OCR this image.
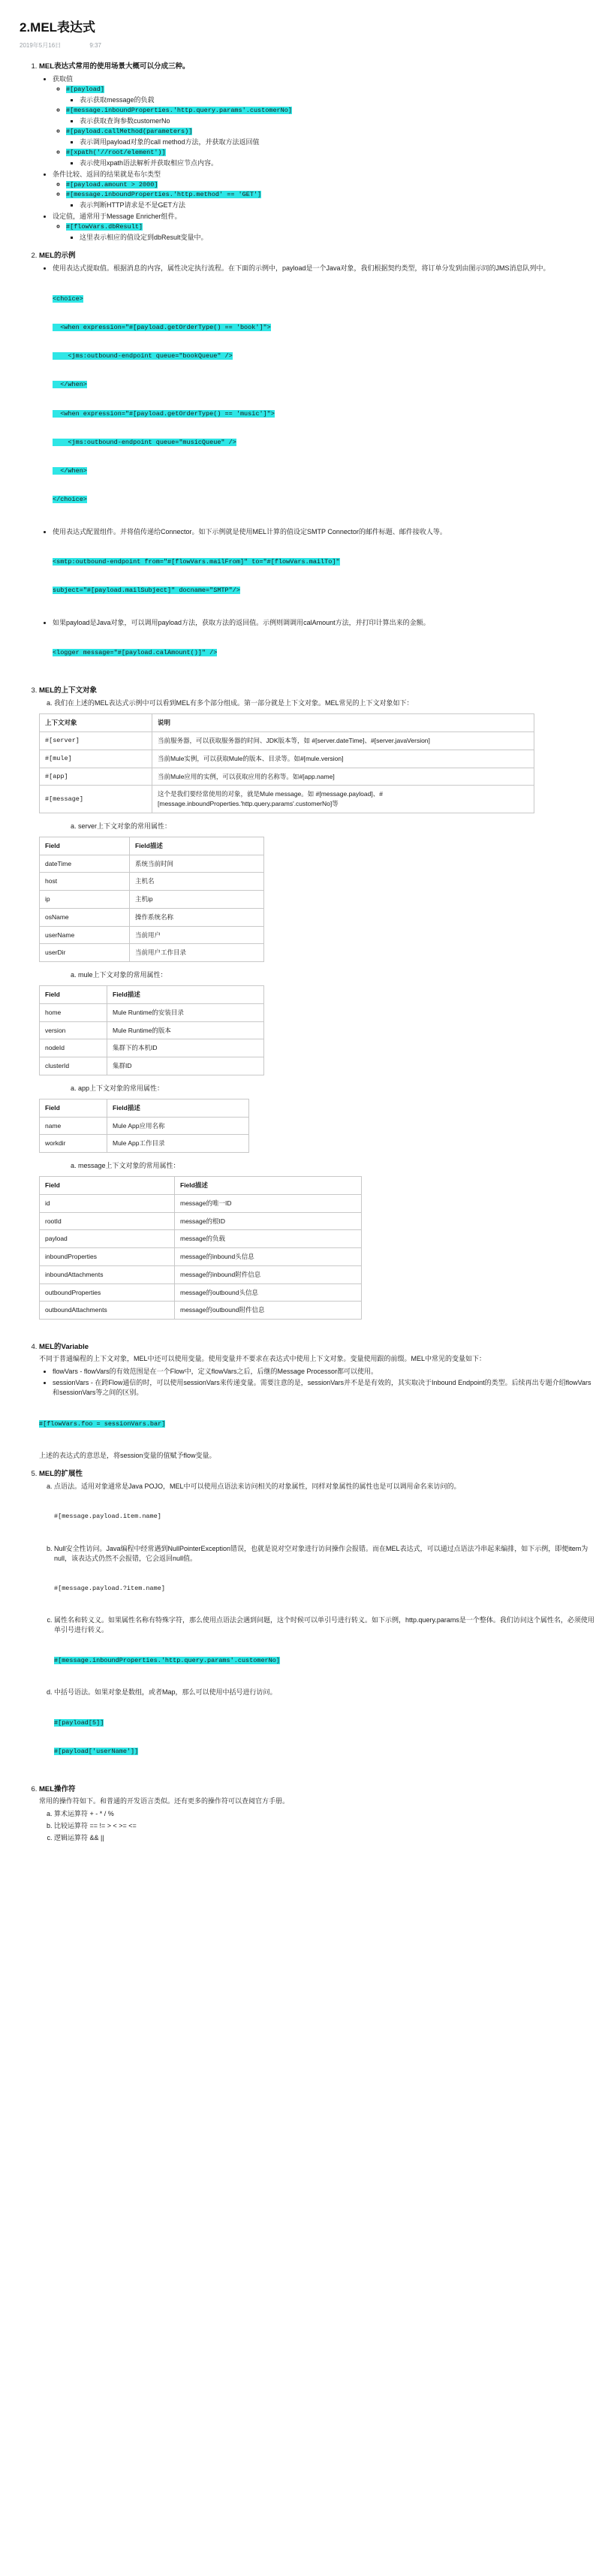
2.MEL表达式
2019年5月16日	9:37
1. MEL表达式常用的使用场景大概可以分成三种。
• 获取值
◦ #[payload]
▪ 表示获取message的负载
◦ #[message.inboundProperties.'http.query.params'.customerNo]
▪ 表示获取查询参数customerNo
◦ #[payload.callMethod(parameters)]
▪ 表示调用payload对象的call method方法，并获取方法返回值
◦ #[xpath('//root/element')]
▪ 表示使用xpath语法解析并获取相应节点内容。
• 条件比较、返回的结果就是布尔类型
◦ #[payload.amount > 2000]
◦ #[message.inboundProperties.'http.method' == 'GET']
▪ 表示判断HTTP请求是不是GET方法
• 设定值，通常用于Message Enricher组件。
◦ #[flowVars.dbResult]
▪ 这里表示相应的值设定到dbResult变量中。
2. MEL的示例
• 使用表达式提取值。根据消息的内容，属性决定执行流程。在下面的示例中，payload是一个Java对象，我们根据契约类型，将订单分发到由图示同的JMS消息队列中。

<choice>

<when expression="#[payload.getOrderType() == 'book']">

<jms:outbound-endpoint queue="bookQueue" />

</when>

<when expression="#[payload.getOrderType() == 'music']">

<jms:outbound-endpoint queue="musicQueue" />

</when>

</choice>

• 使用表达式配置组件。并将值传递给Connector。如下示例就是使用MEL计算的值设定SMTP Connector的邮件标题、邮件接收人等。

<smtp:outbound-endpoint from="#[flowVars.mailFrom]" to="#[flowVars.mailTo]"

subject="#[payload.mailSubject]" docname="SMTP"/>

• 如果payload是Java对象，可以调用payload方法，获取方法的返回值。示例则调调用calAmount方法，并打印计算出来的金额。

<logger message="#[payload.calAmount()]" />

3. MEL的上下文对象
a. 我们在上述的MEL表达式示例中可以看到MEL有多个部分组成。第一部分就是上下文对象。MEL常见的上下文对象如下：
上下文对象	说明
#[server]	当前服务器，可以获取服务器的时间、JDK版本等，如 #[server.dateTime]、#[server.javaVersion]
#[mule]	当前Mule实例，可以获取Mule的版本、目录等。如#[mule.version]
#[app]	当前Mule应用的实例，可以获取应用的名称等。如#[app.name]
#[message]	这个是我们要经常使用的对象，就是Mule message。如 #[message.payload]、#[message.inboundProperties.'http.query.params'.customerNo]等
a. server上下文对象的常用属性：
Field	Field描述
dateTime	系统当前时间
host	主机名
ip	主机ip
osName	操作系统名称
userName	当前用户
userDir	当前用户工作目录
a. mule上下文对象的常用属性：
Field	Field描述
home	Mule Runtime的安装目录
version	Mule Runtime的版本
nodeId	集群下的本机ID
clusterId	集群ID
a. app上下文对象的常用属性：
Field	Field描述
name	Mule App应用名称
workdir	Mule App工作目录
a. message上下文对象的常用属性：
Field	Field描述
id	message的唯一ID
rootId	message的根ID
payload	message的负载
inboundProperties	message的inbound头信息
inboundAttachments	message的inbound附件信息
outboundProperties	message的outbound头信息
outboundAttachments	message的outbound附件信息
4. MEL的Variable
不同于普通编程的上下文对象，MEL中还可以使用变量。使用变量并不要求在表达式中使用上下文对象。变量使用跟的前缀。MEL中常见的变量如下：
• flowVars - flowVars的有效范围是在一个Flow中，定义flowVars之后，后继的Message Processor都可以使用。
• sessionVars - 在跨Flow通信的时，可以使用sessionVars来传递变量。需要注意的是，sessionVars并不是是有效的，其实取决于Inbound Endpoint的类型。后续再出专题介绍flowVars和sessionVars等之间的区别。

#[flowVars.foo = sessionVars.bar]

上述的表达式的意思是，将session变量的值赋予flow变量。
5. MEL的扩展性
a. 点语法。适用对象通常是Java POJO，MEL中可以使用点语法来访问相关的对象属性，同样对象属性的属性也是可以调用命名来访问的。

#[message.payload.item.name]

b. Null安全性访问。Java编程中经常遇到NullPointerException错误，也就是说对空对象进行访问操作会报错。而在MEL表达式，可以通过点语法가串起来编排，如下示例，即便item为null，该表达式仍然不会报错，它会返回null值。

#[message.payload.?item.name]

c. 属性名和转义义。如果属性名称有特殊字符，那么使用点语法会遇到问题，这个时候可以单引号进行转义。如下示例，http.query.params是一个整体。我们访问这个属性名，必须使用单引号进行转义。

#[message.inboundProperties.'http.query.params'.customerNo]

d. 中括号语法。如果对象是数组，或者Map，那么可以使用中括号进行访问。

#[payload[5]]

#[payload['userName']]

6. MEL操作符
常用的操作符如下。和普通的开发语言类似。还有更多的操作符可以查阅官方手册。
a. 算术运算符 + - * / %
b. 比较运算符 == != > < >= <=
c. 逻辑运算符 && ||
